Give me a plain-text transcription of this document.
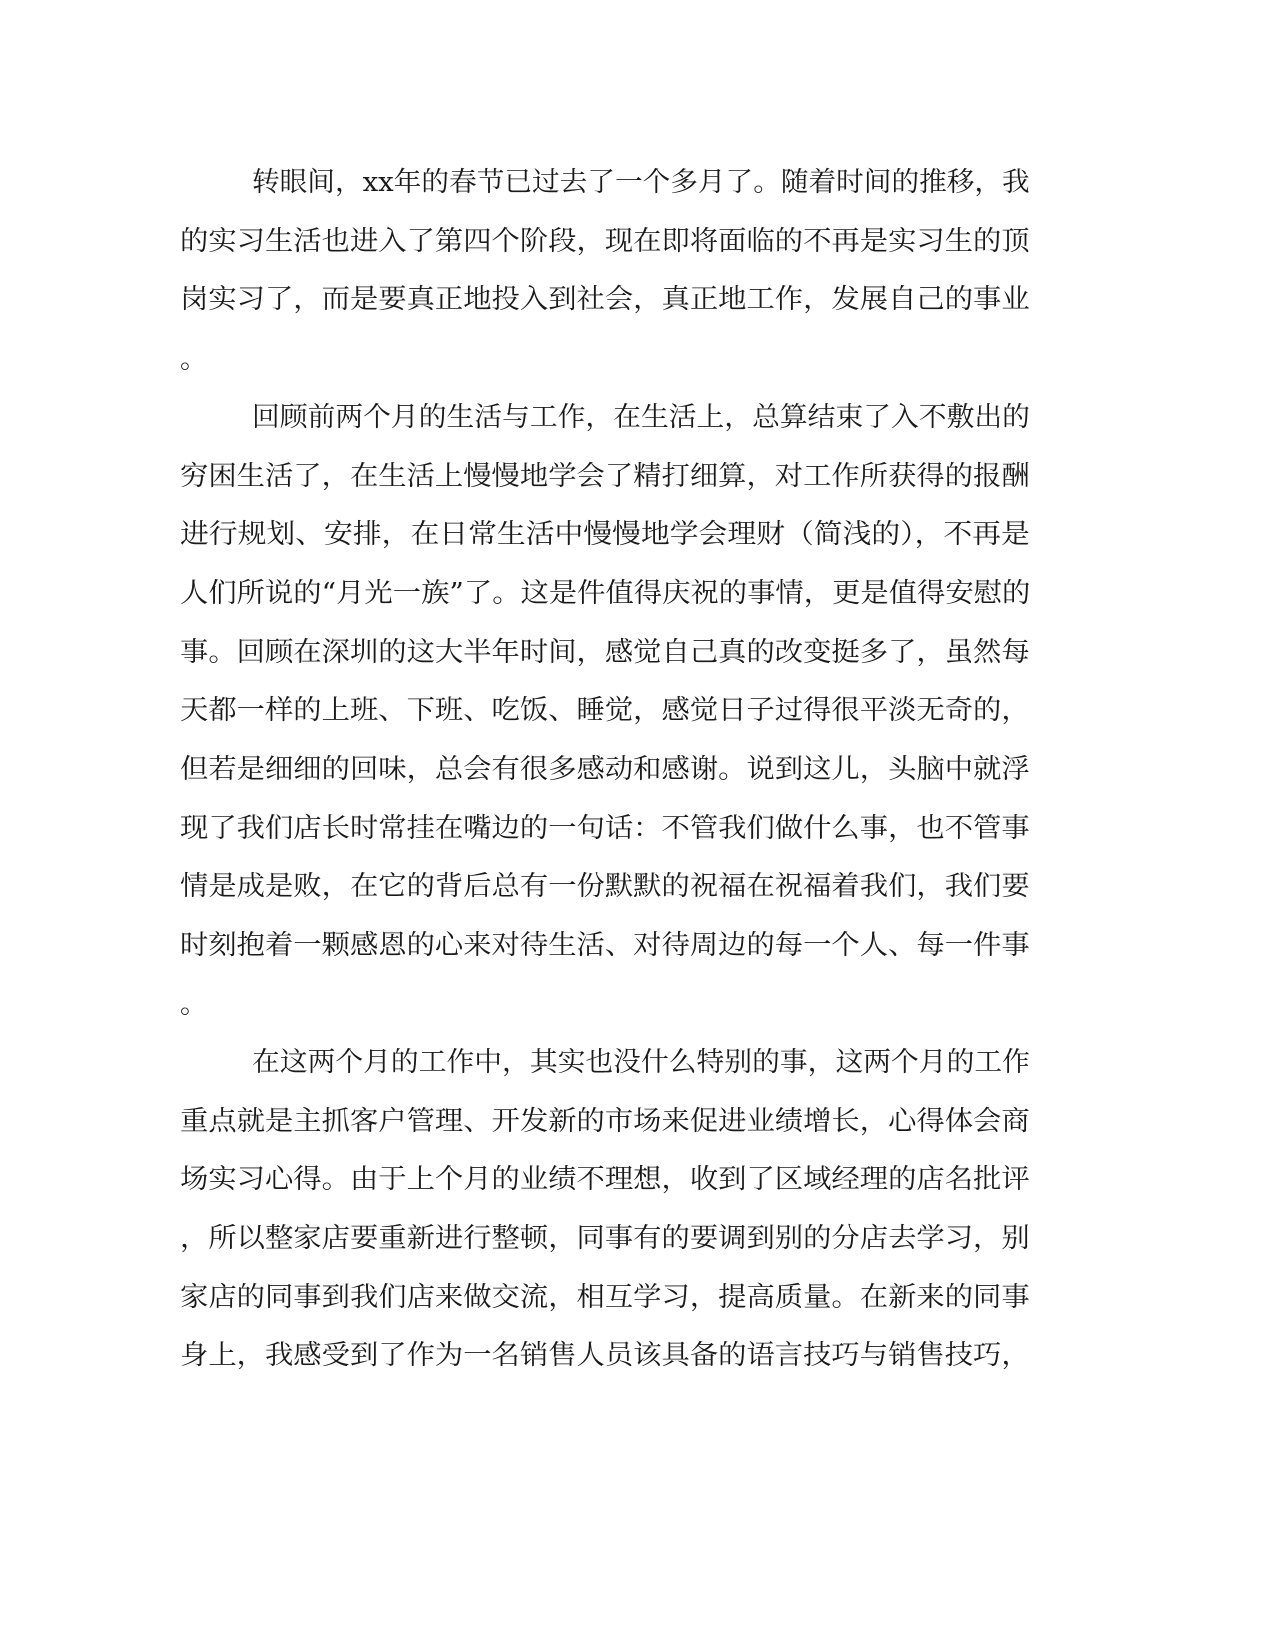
转眼间，xx年的春节已过去了一个多月了。随着时间的推移，我

的实习生活也进入了第四个阶段，现在即将面临的不再是实习生的顶

岗实习了，而是要真正地投入到社会，真正地工作，发展自己的事业

。

回顾前两个月的生活与工作，在生活上，总算结束了入不敷出的

穷困生活了，在生活上慢慢地学会了精打细算，对工作所获得的报酬

进行规划、安排，在日常生活中慢慢地学会理财（简浅的），不再是

人们所说的“月光一族”了。这是件值得庆祝的事情，更是值得安慰的

事。回顾在深圳的这大半年时间，感觉自己真的改变挺多了，虽然每

天都一样的上班、下班、吃饭、睡觉，感觉日子过得很平淡无奇的，

但若是细细的回味，总会有很多感动和感谢。说到这儿，头脑中就浮

现了我们店长时常挂在嘴边的一句话：不管我们做什么事，也不管事

情是成是败，在它的背后总有一份默默的祝福在祝福着我们，我们要

时刻抱着一颗感恩的心来对待生活、对待周边的每一个人、每一件事

。

在这两个月的工作中，其实也没什么特别的事，这两个月的工作

重点就是主抓客户管理、开发新的市场来促进业绩增长，心得体会商

场实习心得。由于上个月的业绩不理想，收到了区域经理的店名批评

，所以整家店要重新进行整顿，同事有的要调到别的分店去学习，别

家店的同事到我们店来做交流，相互学习，提高质量。在新来的同事

身上，我感受到了作为一名销售人员该具备的语言技巧与销售技巧，
